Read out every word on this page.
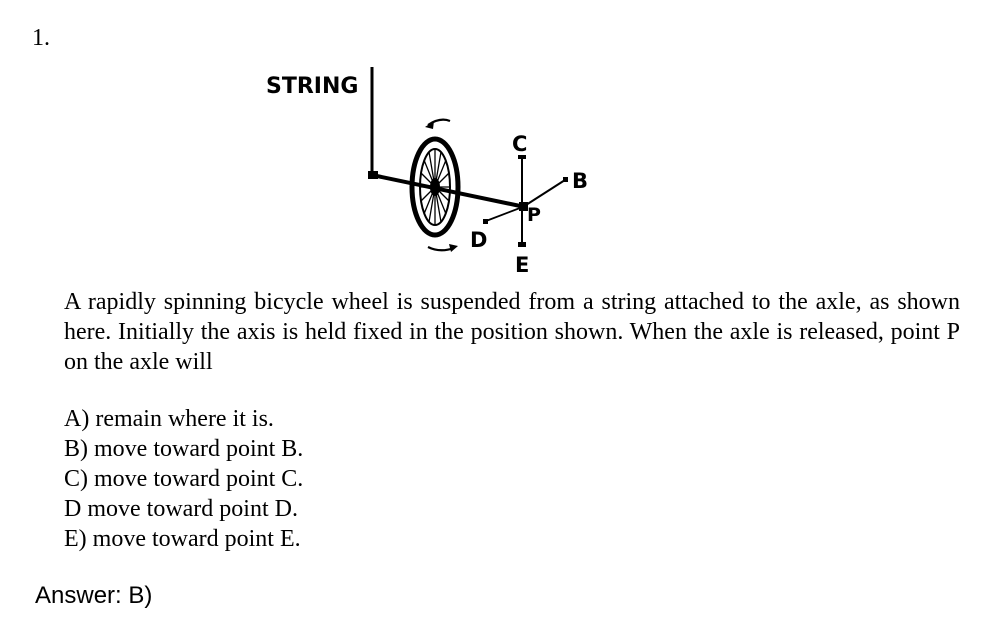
1.
STRING
C
B
P
D
E
A rapidly spinning bicycle wheel is suspended from a string attached to the axle, as shown here. Initially the axis is held fixed in the position shown. When the axle is released, point P on the axle will
A) remain where it is.
B) move toward point B.
C) move toward point C.
D move toward point D.
E) move toward point E.
Answer: B)
